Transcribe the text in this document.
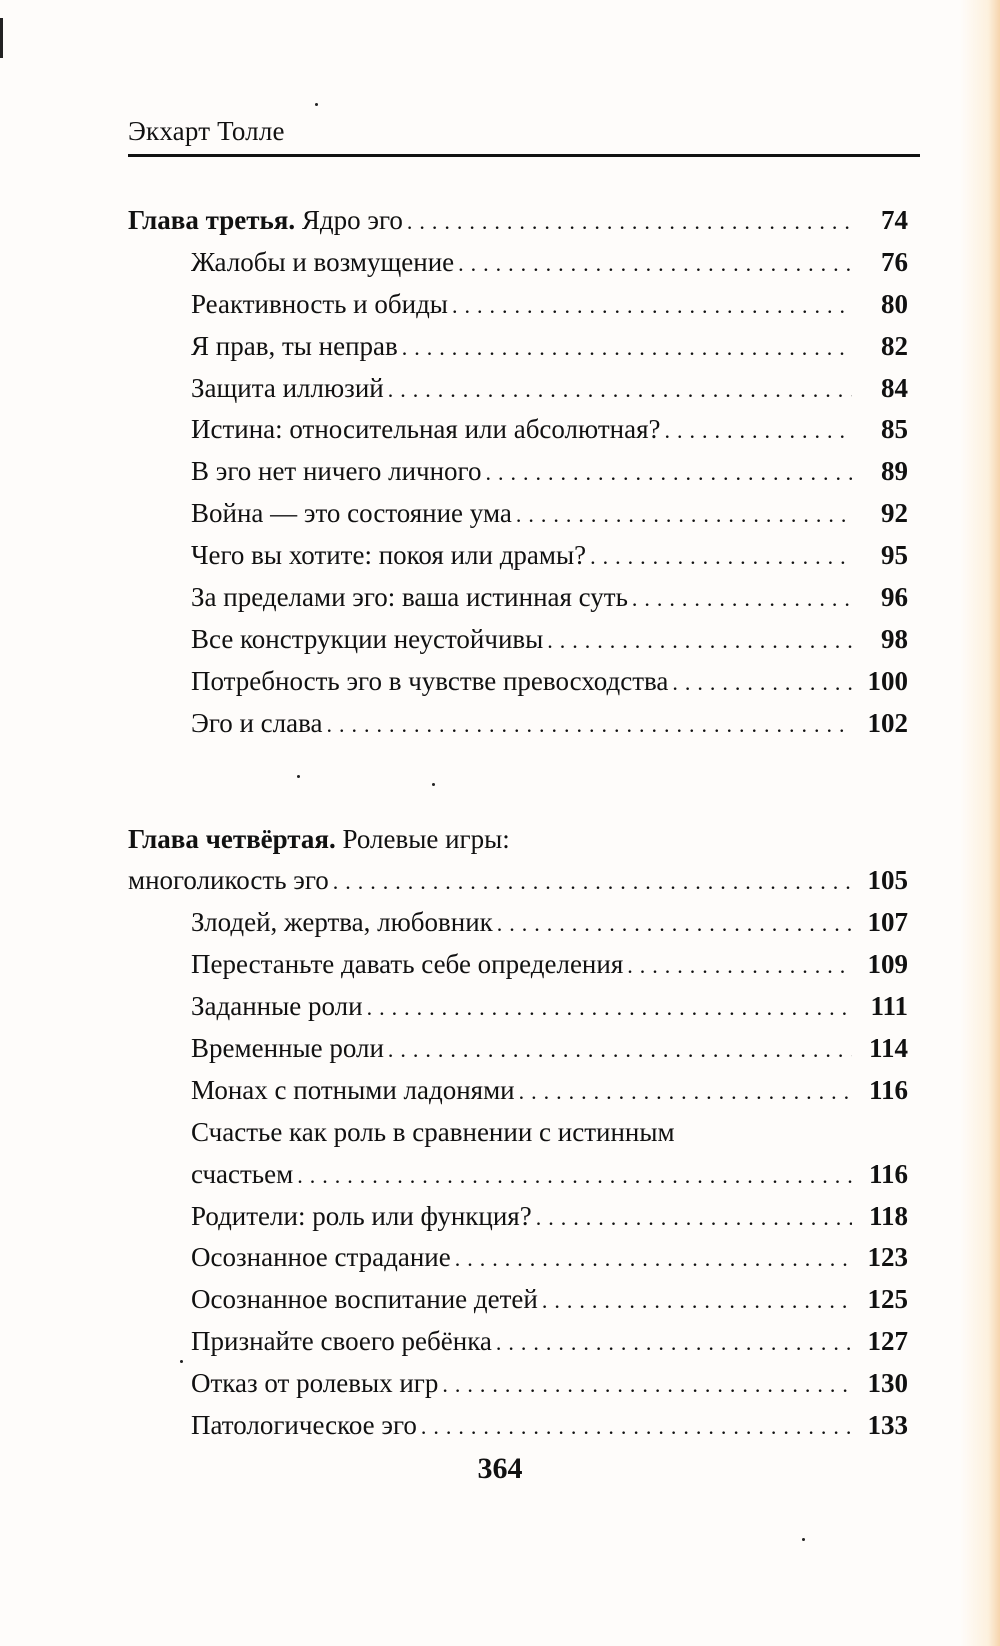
Экхарт Толле
Глава третья. Ядро эго . . .	74
Жалобы и возмущение . . .	76
Реактивность и обиды . . .	80
Я прав, ты неправ . . .	82
Защита иллюзий . . .	84
Истина: относительная или абсолютная? . . .	85
В эго нет ничего личного . . .	89
Война — это состояние ума . . .	92
Чего вы хотите: покоя или драмы? . . .	95
За пределами эго: ваша истинная суть . . .	96
Все конструкции неустойчивы . . .	98
Потребность эго в чувстве превосходства . . .	100
Эго и слава . . .	102
Глава четвёртая. Ролевые игры:
многоликость эго . . .	105
Злодей, жертва, любовник . . .	107
Перестаньте давать себе определения . . .	109
Заданные роли . . .	111
Временные роли . . .	114
Монах с потными ладонями . . .	116
Счастье как роль в сравнении с истинным
счастьем . . .	116
Родители: роль или функция? . . .	118
Осознанное страдание . . .	123
Осознанное воспитание детей . . .	125
Признайте своего ребёнка . . .	127
Отказ от ролевых игр . . .	130
Патологическое эго . . .	133
364
